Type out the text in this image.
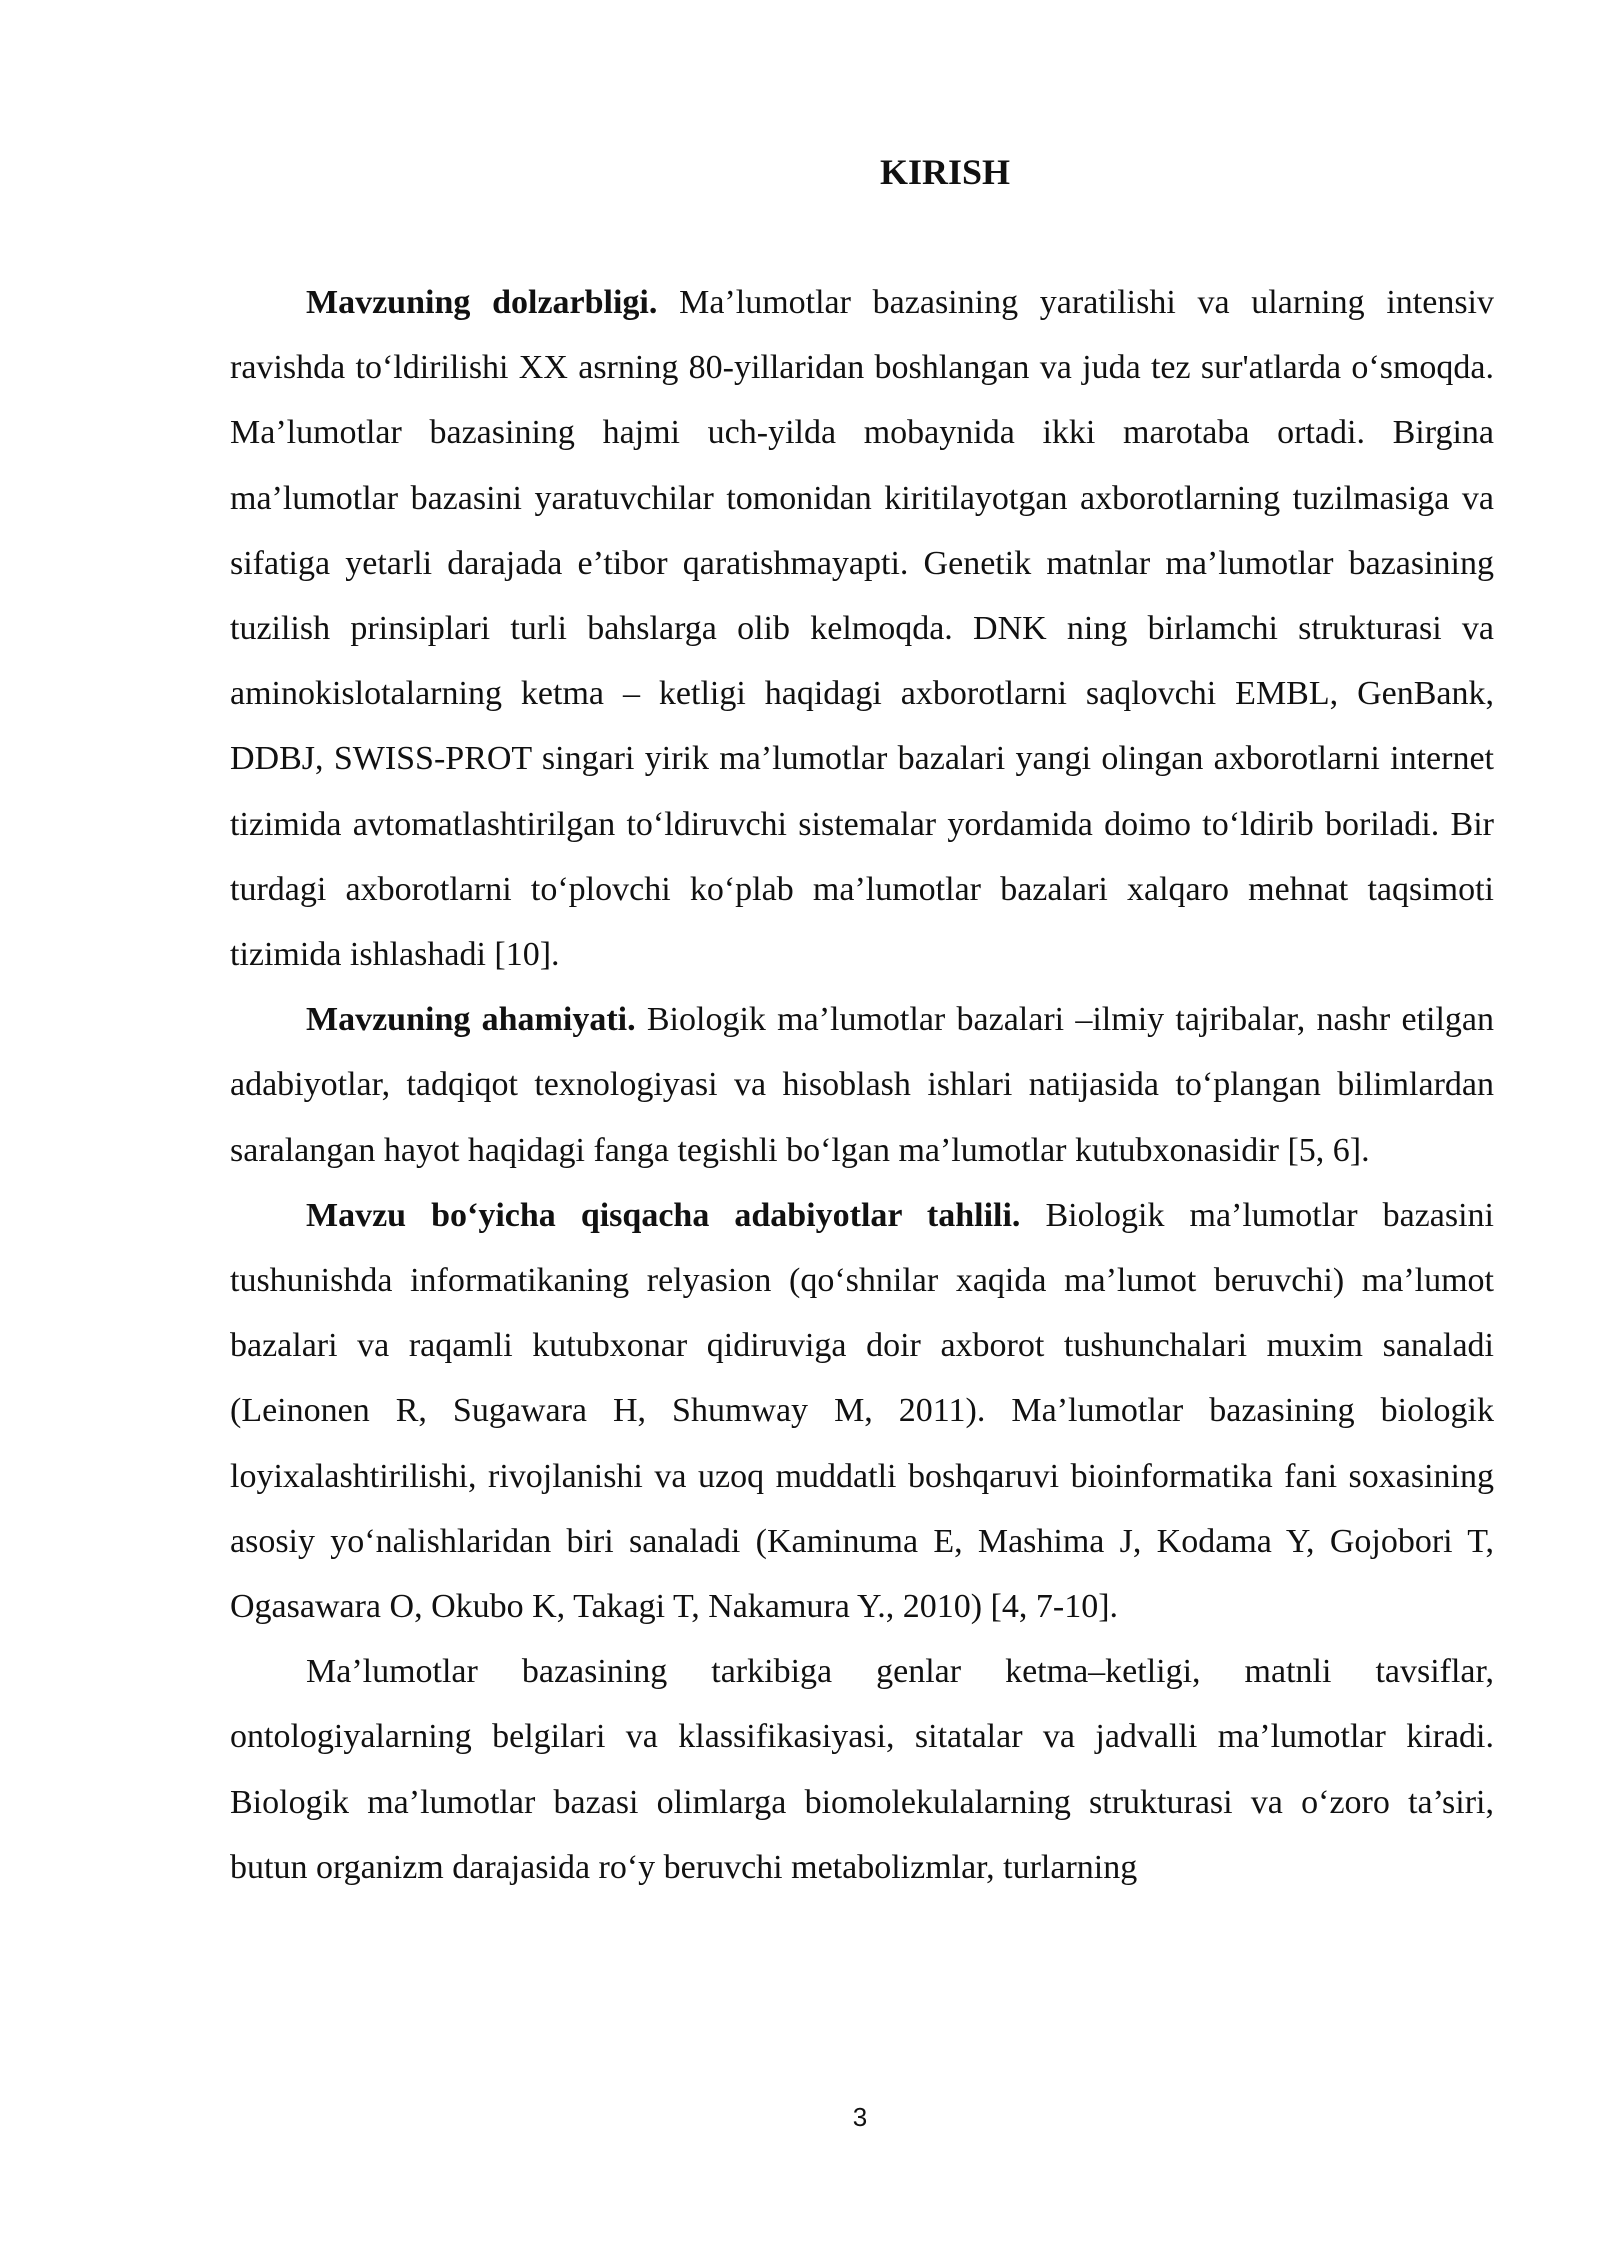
KIRISH

Mavzuning dolzarbligi. Ma’lumotlar bazasining yaratilishi va ularning intensiv ravishda to‘ldirilishi XX asrning 80-yillaridan boshlangan va juda tez sur'atlarda o‘smoqda. Ma’lumotlar bazasining hajmi uch-yilda mobaynida ikki marotaba ortadi. Birgina ma’lumotlar bazasini yaratuvchilar tomonidan kiritilayotgan axborotlarning tuzilmasiga va sifatiga yetarli darajada e’tibor qaratishmayapti. Genetik matnlar ma’lumotlar bazasining tuzilish prinsiplari turli bahslarga olib kelmoqda. DNK ning birlamchi strukturasi va aminokislotalarning ketma – ketligi haqidagi axborotlarni saqlovchi EMBL, GenBank, DDBJ, SWISS-PROT singari yirik ma’lumotlar bazalari yangi olingan axborotlarni internet tizimida avtomatlashtirilgan to‘ldiruvchi sistemalar yordamida doimo to‘ldirib boriladi. Bir turdagi axborotlarni to‘plovchi ko‘plab ma’lumotlar bazalari xalqaro mehnat taqsimoti tizimida ishlashadi [10].

Mavzuning ahamiyati. Biologik ma’lumotlar bazalari –ilmiy tajribalar, nashr etilgan adabiyotlar, tadqiqot texnologiyasi va hisoblash ishlari natijasida to‘plangan bilimlardan saralangan hayot haqidagi fanga tegishli bo‘lgan ma’lumotlar kutubxonasidir [5, 6].

Mavzu bo‘yicha qisqacha adabiyotlar tahlili. Biologik ma’lumotlar bazasini tushunishda informatikaning relyasion (qo‘shnilar xaqida ma’lumot beruvchi) ma’lumot bazalari va raqamli kutubxonar qidiruviga doir axborot tushunchalari muxim sanaladi (Leinonen R, Sugawara H, Shumway M, 2011). Ma’lumotlar bazasining biologik loyixalashtirilishi, rivojlanishi va uzoq muddatli boshqaruvi bioinformatika fani soxasining asosiy yo‘nalishlaridan biri sanaladi (Kaminuma E, Mashima J, Kodama Y, Gojobori T, Ogasawara O, Okubo K, Takagi T, Nakamura Y., 2010) [4, 7-10].

Ma’lumotlar bazasining tarkibiga genlar ketma–ketligi, matnli tavsiflar, ontologiyalarning belgilari va klassifikasiyasi, sitatalar va jadvalli ma’lumotlar kiradi. Biologik ma’lumotlar bazasi olimlarga biomolekulalarning strukturasi va o‘zoro ta’siri, butun organizm darajasida ro‘y beruvchi metabolizmlar, turlarning

3
